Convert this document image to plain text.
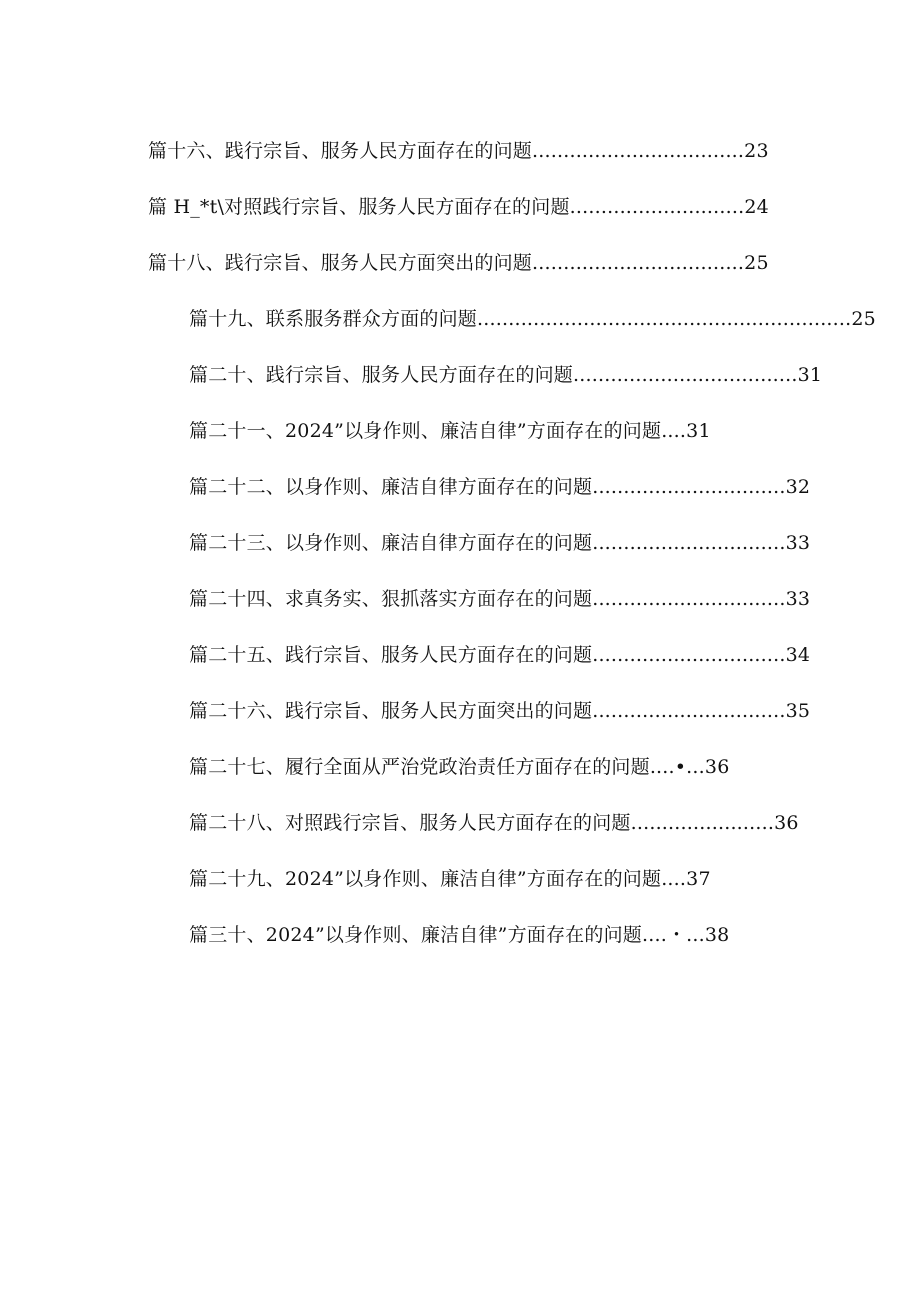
篇十六、践行宗旨、服务人民方面存在的问题..................................23
篇 H_*t\对照践行宗旨、服务人民方面存在的问题............................24
篇十八、践行宗旨、服务人民方面突出的问题..................................25
篇十九、联系服务群众方面的问题............................................................25
篇二十、践行宗旨、服务人民方面存在的问题....................................31
篇二十一、2024”以身作则、廉洁自律”方面存在的问题....31
篇二十二、以身作则、廉洁自律方面存在的问题...............................32
篇二十三、以身作则、廉洁自律方面存在的问题...............................33
篇二十四、求真务实、狠抓落实方面存在的问题...............................33
篇二十五、践行宗旨、服务人民方面存在的问题...............................34
篇二十六、践行宗旨、服务人民方面突出的问题...............................35
篇二十七、履行全面从严治党政治责任方面存在的问题....•...36
篇二十八、对照践行宗旨、服务人民方面存在的问题.......................36
篇二十九、2024”以身作则、廉洁自律”方面存在的问题....37
篇三十、2024”以身作则、廉洁自律”方面存在的问题....・...38
